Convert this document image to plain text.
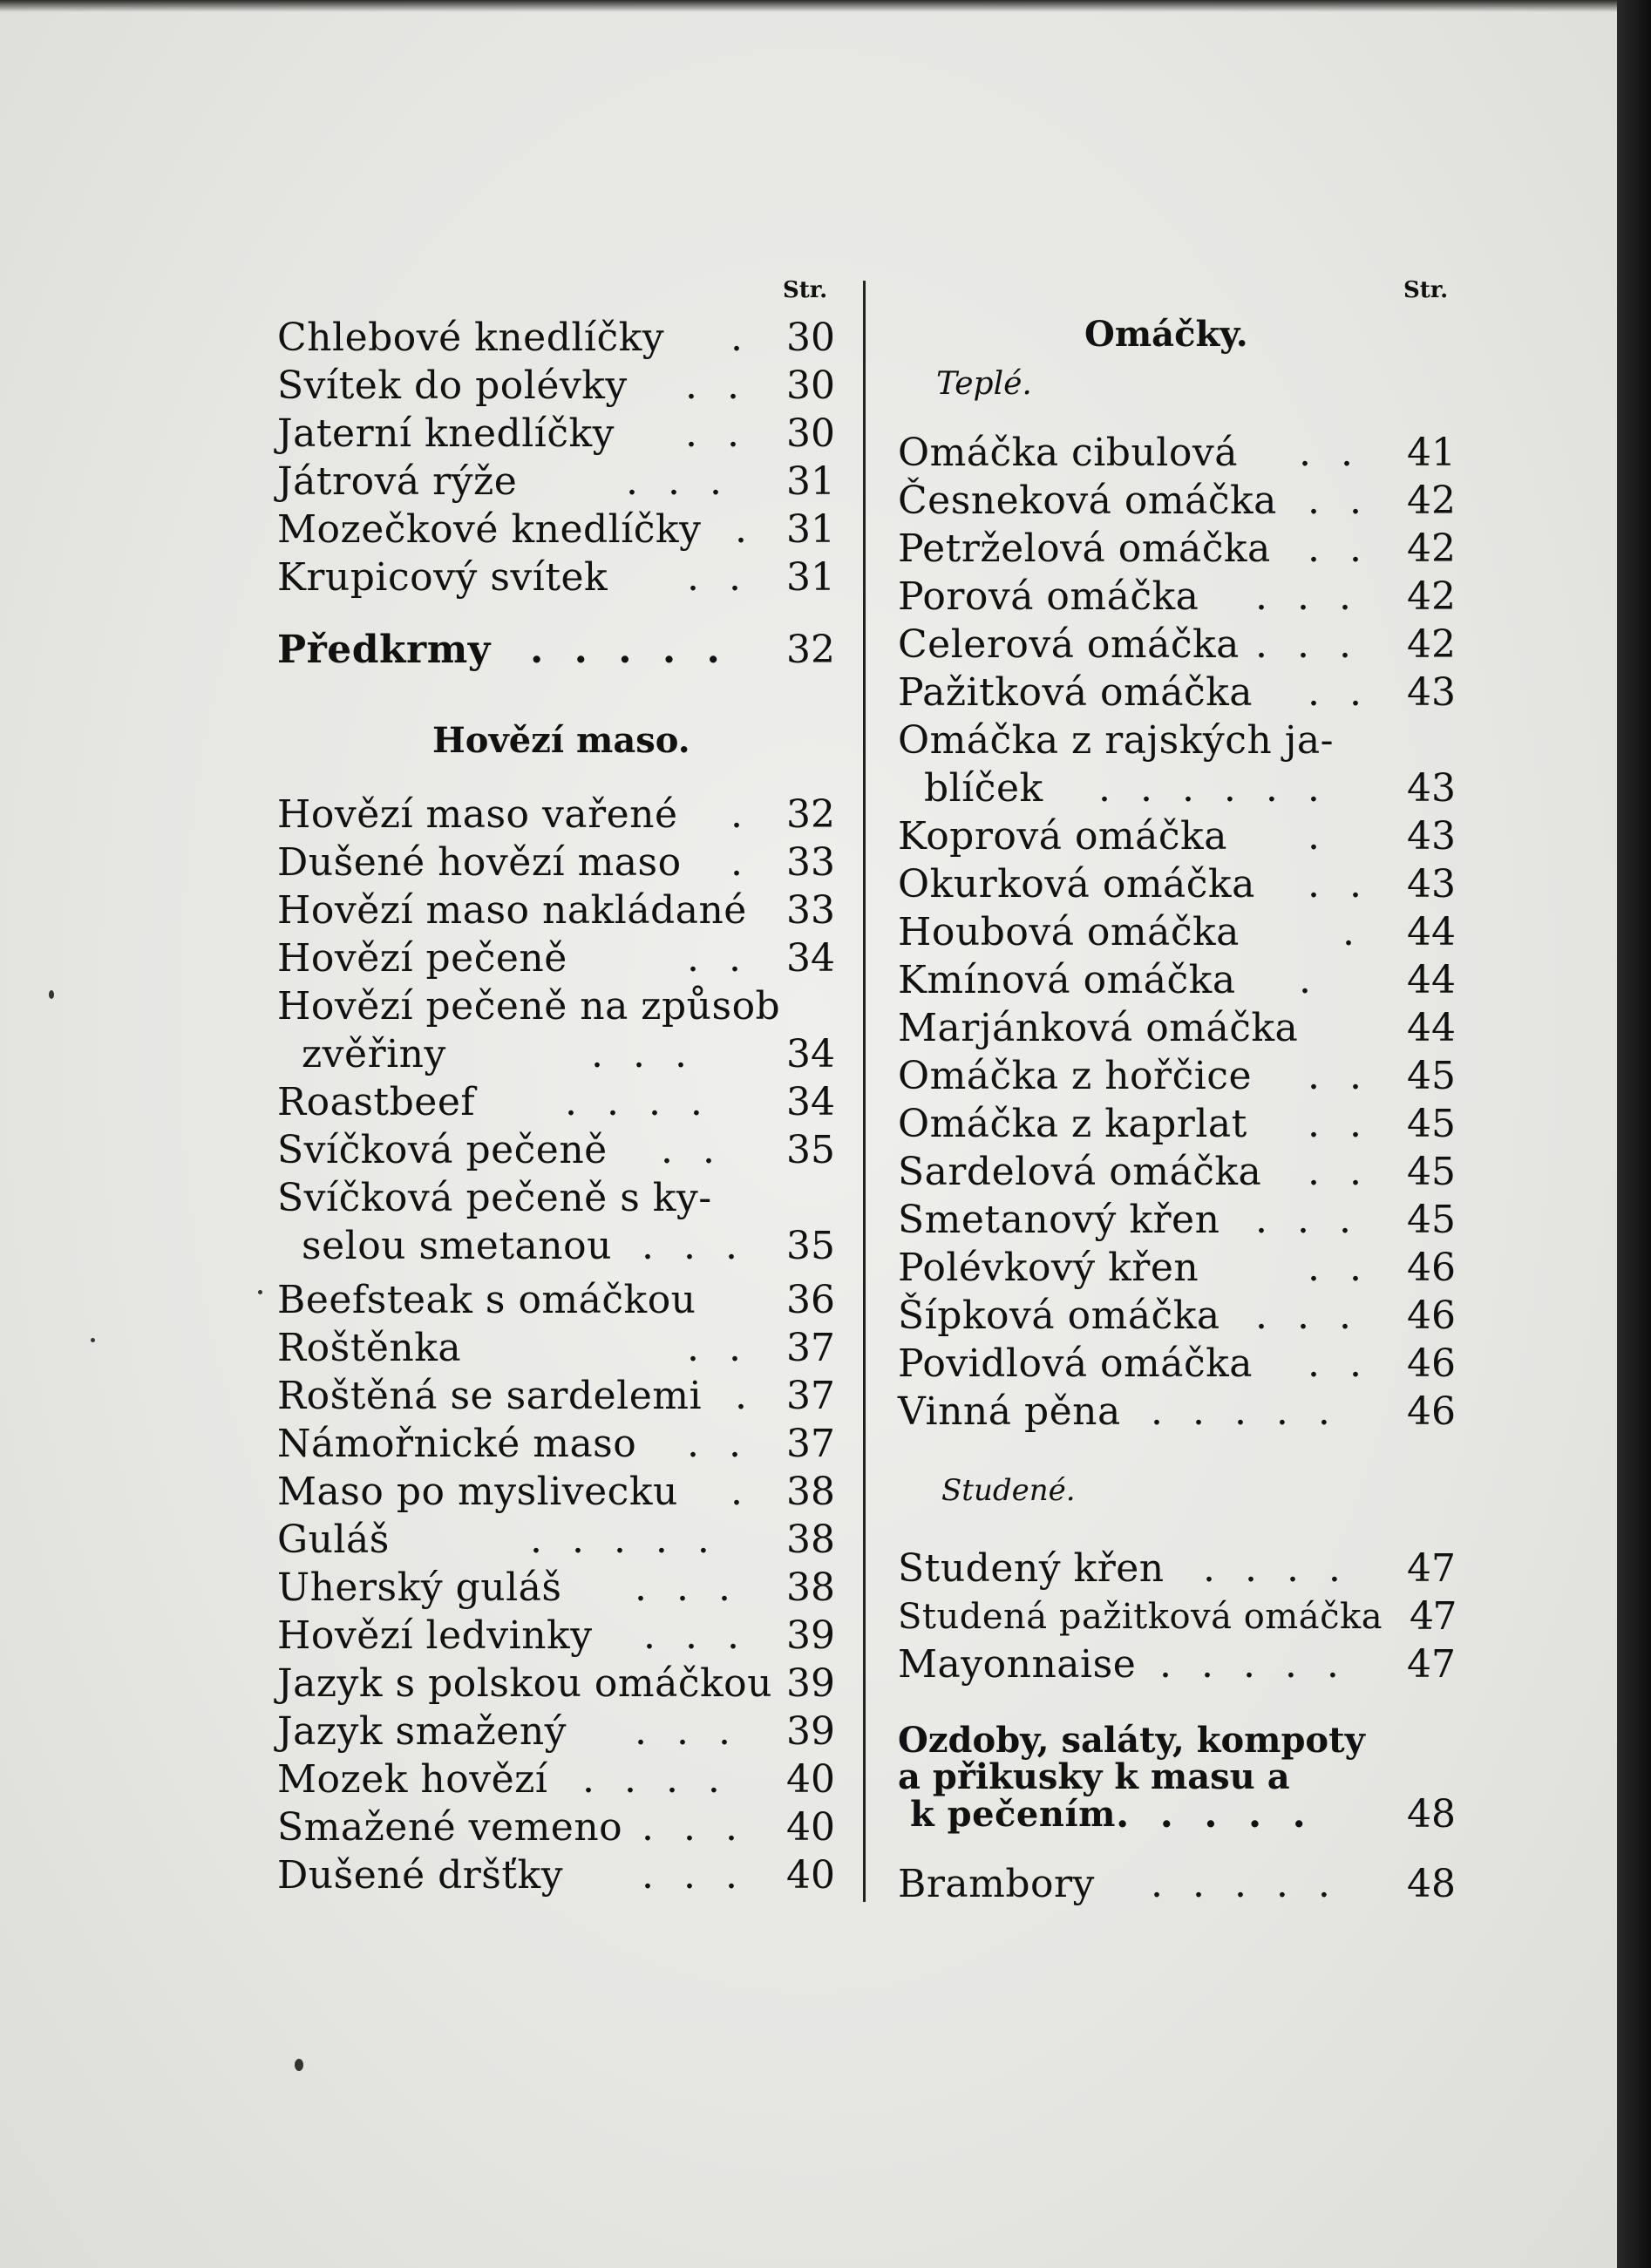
Str.
Chlebové knedlíčky . 30
Svítek do polévky . .	30
Jaterní knedlíčky . .	30
Játrová rýže	. . .	31
Mozečkové knedlíčky . 31
Krupicový svítek . . 31
Předkrmy . . . . .	32
Hovězí maso.
Hovězí maso vařené . 32
Dušené hovězí maso . 33
Hovězí maso nakládané	33
Hovězí pečeně	. . 34
Hovězí pečeně na způsob
zvěřiny	. . .	34
Roastbeef . . . .	34
Svíčková pečeně . .	35
Svíčková pečeně s ky-
selou smetanou . . .	35
Beefsteak s omáčkou	36
Roštěnka	. . 37
Roštěná se sardelemi . 37
Námořnické maso . . 37
Maso po myslivecku . 38
Guláš	. . . . .	38
Uherský guláš . . .	38
Hovězí ledvinky . . .	39
Jazyk s polskou omáčkou 39
Jazyk smažený . . .	39
Mozek hovězí . . . .	40
Smažené vemeno . . .	40
Dušené dršťky . . .	40
Str.
Omáčky.
Teplé.
Omáčka cibulová . .	41
Česneková omáčka . . 42
Petrželová omáčka . . 42
Porová omáčka . . .	42
Celerová omáčka . . .	42
Pažitková omáčka . . 43
Omáčka z rajských ja-
blíček . . . . . .	43
Koprová omáčka .	43
Okurková omáčka . . 43
Houbová omáčka	.	44
Kmínová omáčka .	44
Marjánková omáčka	44
Omáčka z hořčice . . 45
Omáčka z kaprlat . . 45
Sardelová omáčka . . 45
Smetanový křen . . .	45
Polévkový křen	. . 46
Šípková omáčka . . .	46
Povidlová omáčka . . 46
Vinná pěna . . . . .	46
Studené.
Studený křen . . . .	47
Studená pažitková omáčka 47
Mayonnaise . . . . .	47
Ozdoby, saláty, kompoty
a přikusky k masu a
k pečením . . . . .	48
Brambory . . . . .	48
